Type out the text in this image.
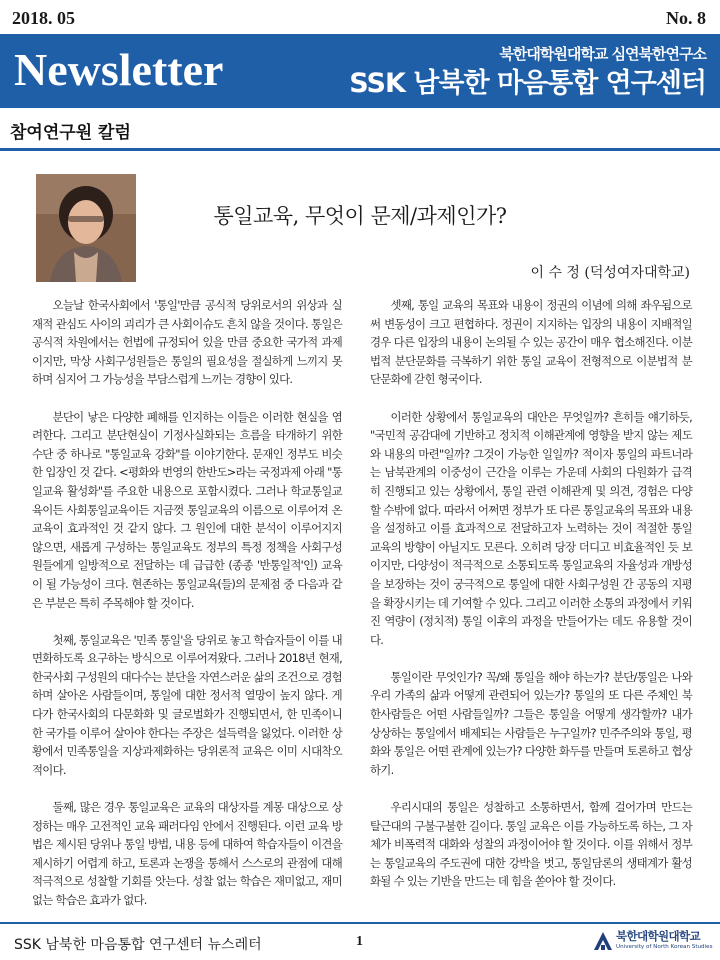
2018. 05	No. 8
Newsletter	북한대학원대학교 심연북한연구소
SSK 남북한 마음통합 연구센터
참여연구원 칼럼
통일교육, 무엇이 문제/과제인가?
이 수 정 (덕성여자대학교)

오늘날 한국사회에서 '통일'만큼 공식적 당위로서의 위상과 실재적 관심도 사이의 괴리가 큰 사회이슈도 흔치 않을 것이다. 통일은 공식적 차원에서는 헌법에 규정되어 있을 만큼 중요한 국가적 과제이지만, 막상 사회구성원들은 통일의 필요성을 절실하게 느끼지 못하며 심지어 그 가능성을 부담스럽게 느끼는 경향이 있다.

분단이 낳은 다양한 폐해를 인지하는 이들은 이러한 현실을 염려한다. 그리고 분단현실이 기정사실화되는 흐름을 타개하기 위한 수단 중 하나로 "통일교육 강화"를 이야기한다. 문재인 정부도 비슷한 입장인 것 같다. <평화와 번영의 한반도>라는 국정과제 아래 "통일교육 활성화"를 주요한 내용으로 포함시켰다. 그러나 학교통일교육이든 사회통일교육이든 지금껏 통일교육의 이름으로 이루어져 온 교육이 효과적인 것 같지 않다. 그 원인에 대한 분석이 이루어지지 않으면, 새롭게 구성하는 통일교육도 정부의 특정 정책을 사회구성원들에게 일방적으로 전달하는 데 급급한 (종종 '반통일적'인) 교육이 될 가능성이 크다. 현존하는 통일교육(들)의 문제점 중 다음과 같은 부분은 특히 주목해야 할 것이다.

첫째, 통일교육은 '민족 통일'을 당위로 놓고 학습자들이 이를 내면화하도록 요구하는 방식으로 이루어져왔다. 그러나 2018년 현재, 한국사회 구성원의 대다수는 분단을 자연스러운 삶의 조건으로 경험하며 살아온 사람들이며, 통일에 대한 정서적 열망이 높지 않다. 게다가 한국사회의 다문화화 및 글로벌화가 진행되면서, 한 민족이니 한 국가를 이루어 살아야 한다는 주장은 설득력을 잃었다. 이러한 상황에서 민족통일을 지상과제화하는 당위론적 교육은 이미 시대착오적이다.

둘째, 많은 경우 통일교육은 교육의 대상자를 계몽 대상으로 상정하는 매우 고전적인 교육 패러다임 안에서 진행된다. 이런 교육 방법은 제시된 당위나 통일 방법, 내용 등에 대하여 학습자들이 이견을 제시하기 어렵게 하고, 토론과 논쟁을 통해서 스스로의 관점에 대해 적극적으로 성찰할 기회를 앗는다. 성찰 없는 학습은 재미없고, 재미없는 학습은 효과가 없다.

셋째, 통일 교육의 목표와 내용이 정권의 이념에 의해 좌우됨으로써 변동성이 크고 편협하다. 정권이 지지하는 입장의 내용이 지배적일 경우 다른 입장의 내용이 논의될 수 있는 공간이 매우 협소해진다. 이분법적 분단문화를 극복하기 위한 통일 교육이 전형적으로 이분법적 분단문화에 갇힌 형국이다.

이러한 상황에서 통일교육의 대안은 무엇일까? 흔히들 얘기하듯, "국민적 공감대에 기반하고 정치적 이해관계에 영향을 받지 않는 제도와 내용의 마련"일까? 그것이 가능한 일일까? 적이자 통일의 파트너라는 남북관계의 이중성이 근간을 이루는 가운데 사회의 다원화가 급격히 진행되고 있는 상황에서, 통일 관련 이해관계 및 의견, 경험은 다양할 수밖에 없다. 따라서 어쩌면 정부가 또 다른 통일교육의 목표와 내용을 설정하고 이를 효과적으로 전달하고자 노력하는 것이 적절한 통일교육의 방향이 아닐지도 모른다. 오히려 당장 더디고 비효율적인 듯 보이지만, 다양성이 적극적으로 소통되도록 통일교육의 자율성과 개방성을 보장하는 것이 궁극적으로 통일에 대한 사회구성원 간 공동의 지평을 확장시키는 데 기여할 수 있다. 그리고 이러한 소통의 과정에서 키워진 역량이 (정치적) 통일 이후의 과정을 만들어가는 데도 유용할 것이다.

통일이란 무엇인가? 꼭/왜 통일을 해야 하는가? 분단/통일은 나와 우리 가족의 삶과 어떻게 관련되어 있는가? 통일의 또 다른 주체인 북한사람들은 어떤 사람들일까? 그들은 통일을 어떻게 생각할까? 내가 상상하는 통일에서 배제되는 사람들은 누구일까? 민주주의와 통일, 평화와 통일은 어떤 관계에 있는가? 다양한 화두를 만들며 토론하고 협상하기.

우리시대의 통일은 성찰하고 소통하면서, 함께 걸어가며 만드는 탈근대의 구불구불한 길이다. 통일 교육은 이를 가능하도록 하는, 그 자체가 비폭력적 대화와 성찰의 과정이어야 할 것이다. 이를 위해서 정부는 통일교육의 주도권에 대한 강박을 벗고, 통일담론의 생태계가 활성화될 수 있는 기반을 만드는 데 힘을 쏟아야 할 것이다.

SSK 남북한 마음통합 연구센터 뉴스레터	1	북한대학원대학교
University of North Korean Studies
